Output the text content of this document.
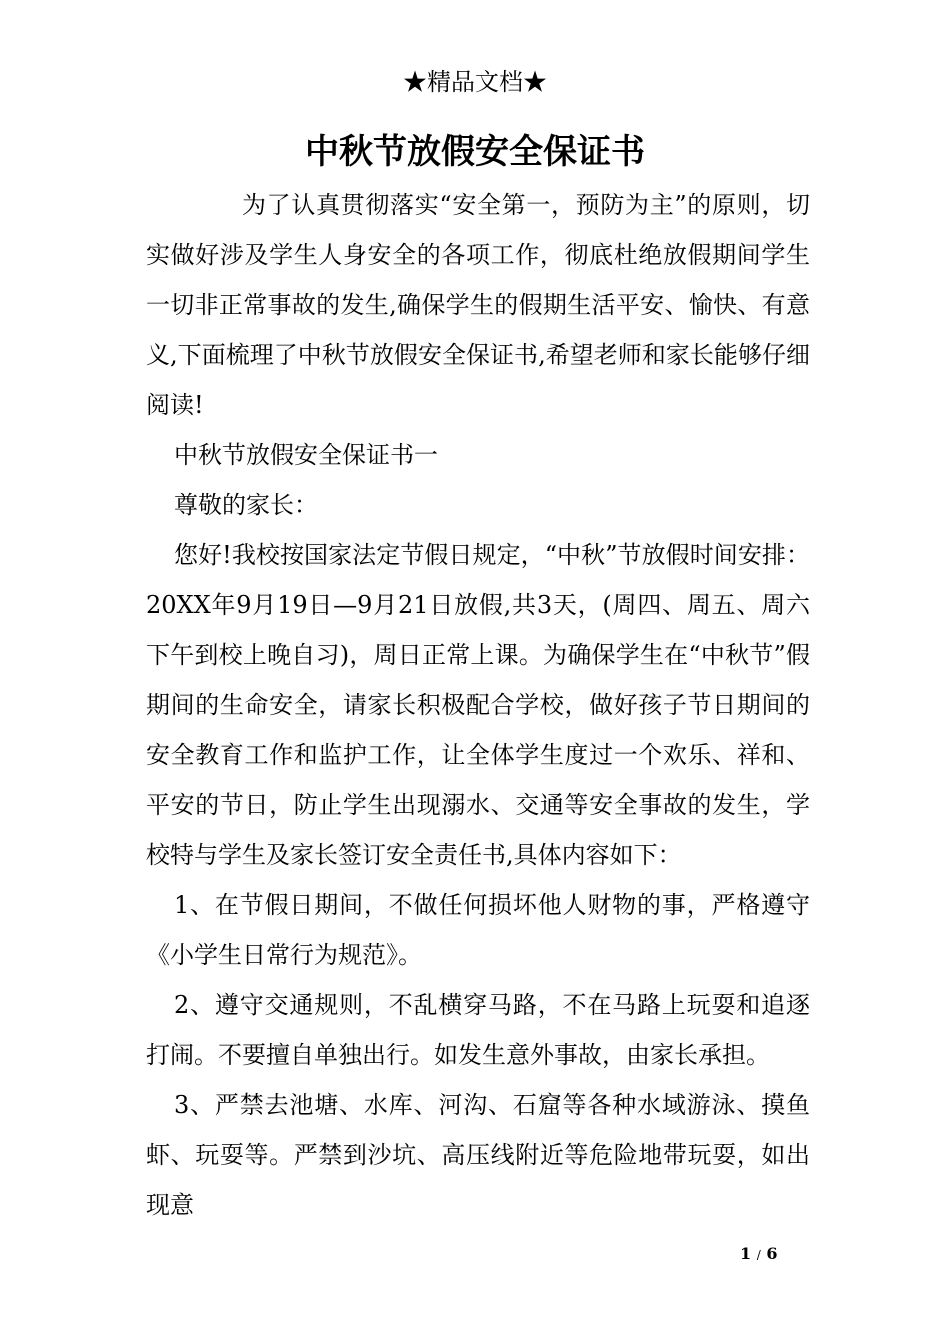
★精品文档★
中秋节放假安全保证书

为了认真贯彻落实“安全第一，预防为主”的原则，切实做好涉及学生人身安全的各项工作，彻底杜绝放假期间学生一切非正常事故的发生,确保学生的假期生活平安、愉快、有意义,下面梳理了中秋节放假安全保证书,希望老师和家长能够仔细阅读!

中秋节放假安全保证书一

尊敬的家长：

您好!我校按国家法定节假日规定，“中秋”节放假时间安排：20XX年9月19日—9月21日放假,共3天，(周四、周五、周六下午到校上晚自习)，周日正常上课。为确保学生在“中秋节”假期间的生命安全，请家长积极配合学校，做好孩子节日期间的安全教育工作和监护工作，让全体学生度过一个欢乐、祥和、平安的节日，防止学生出现溺水、交通等安全事故的发生，学校特与学生及家长签订安全责任书,具体内容如下：

1、在节假日期间，不做任何损坏他人财物的事，严格遵守《小学生日常行为规范》。

2、遵守交通规则，不乱横穿马路，不在马路上玩耍和追逐打闹。不要擅自单独出行。如发生意外事故，由家长承担。

3、严禁去池塘、水库、河沟、石窟等各种水域游泳、摸鱼虾、玩耍等。严禁到沙坑、高压线附近等危险地带玩耍，如出现意

1 / 6
